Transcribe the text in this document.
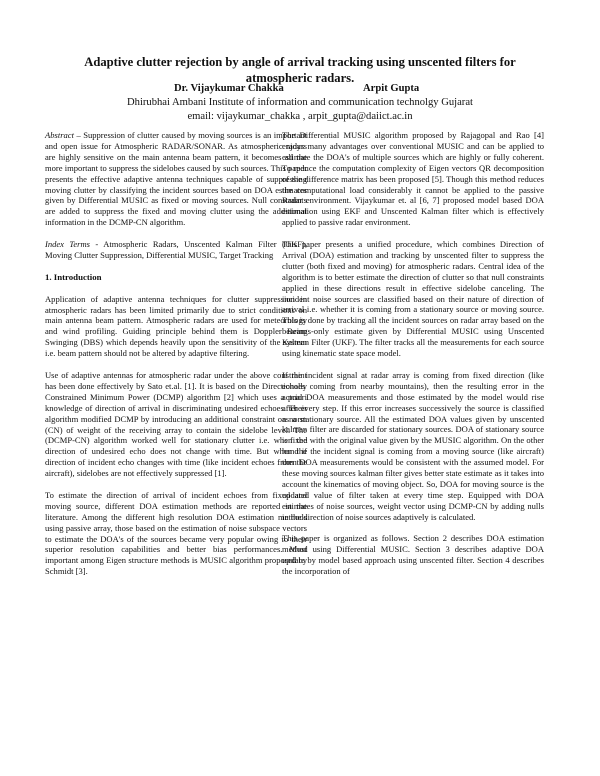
Adaptive clutter rejection by angle of arrival tracking using unscented filters for atmospheric radars.
Dr. Vijaykumar Chakka	Arpit Gupta
Dhirubhai Ambani Institute of information and communication technolgy Gujarat
email: vijaykumar_chakka , arpit_gupta@daiict.ac.in

Abstract – Suppression of clutter caused by moving sources is an important and open issue for Atmospheric RADAR/SONAR. As atmospheric radars are highly sensitive on the main antenna beam pattern, it becomes all the more important to suppress the sidelobes caused by such sources. This paper presents the effective adaptive antenna techniques capable of suppressing moving clutter by classifying the incident sources based on DOA estimates given by Differential MUSIC as fixed or moving sources. Null constraints are added to suppress the fixed and moving clutter using the additional information in the DCMP-CN algorithm.

Index Terms - Atmospheric Radars, Unscented Kalman Filter (UKF), Moving Clutter Suppression, Differential MUSIC, Target Tracking

1. Introduction

Application of adaptive antenna techniques for clutter suppression in atmospheric radars has been limited primarily due to strict conditions on main antenna beam pattern. Atmospheric radars are used for meteorology and wind profiling. Guiding principle behind them is Doppler Beam Swinging (DBS) which depends heavily upon the sensitivity of the system i.e. beam pattern should not be altered by adaptive filtering.

Use of adaptive antennas for atmospheric radar under the above constraint has been done effectively by Sato et.al. [1]. It is based on the Directionally Constrained Minimum Power (DCMP) algorithm [2] which uses a priori knowledge of direction of arrival in discriminating undesired echoes. Their algorithm modified DCMP by introducing an additional constraint on norm (CN) of weight of the receiving array to contain the sidelobe level. The (DCMP-CN) algorithm worked well for stationary clutter i.e. when the direction of undesired echo does not change with time. But when the direction of incident echo changes with time (like incident echoes from the aircraft), sidelobes are not effectively suppressed [1].

To estimate the direction of arrival of incident echoes from fixed and moving source, different DOA estimation methods are reported in the literature. Among the different high resolution DOA estimation methods using passive array, those based on the estimation of noise subspace vectors to estimate the DOA's of the sources became very popular owing to their superior resolution capabilities and better bias performances. Most important among Eigen structure methods is MUSIC algorithm proposed by Schmidt [3].

The Differential MUSIC algorithm proposed by Rajagopal and Rao [4] enjoys many advantages over conventional MUSIC and can be applied to estimate the DOA's of multiple sources which are highly or fully coherent. To reduce the computation complexity of Eigen vectors QR decomposition of the difference matrix has been proposed [5]. Though this method reduces the computational load considerably it cannot be applied to the passive Radar environment. Vijaykumar et. al [6, 7] proposed model based DOA estimation using EKF and Unscented Kalman filter which is effectively applied to passive radar environment.

This paper presents a unified procedure, which combines Direction of Arrival (DOA) estimation and tracking by unscented filter to suppress the clutter (both fixed and moving) for atmospheric radars. Central idea of the algorithm is to better estimate the direction of clutter so that null constraints applied in these directions result in effective sidelobe canceling. The incident noise sources are classified based on their nature of direction of arrival i.e. whether it is coming from a stationary source or moving source. This is done by tracking all the incident sources on radar array based on the bearings-only estimate given by Differential MUSIC using Unscented Kalman Filter (UKF). The filter tracks all the measurements for each source using kinematic state space model.

If the incident signal at radar array is coming from fixed direction (like echoes coming from nearby mountains), then the resulting error in the actual DOA measurements and those estimated by the model would rise after every step. If this error increases successively the source is classified as a stationary source. All the estimated DOA values given by unscented kalman filter are discarded for stationary sources. DOA of stationary source is fixed with the original value given by the MUSIC algorithm. On the other hand if the incident signal is coming from a moving source (like aircraft) then DOA measurements would be consistent with the assumed model. For these moving sources kalman filter gives better state estimate as it takes into account the kinematics of moving object. So, DOA for moving source is the updated value of filter taken at every time step. Equipped with DOA estimates of noise sources, weight vector using DCMP-CN by adding nulls in the direction of noise sources adaptively is calculated.

This paper is organized as follows. Section 2 describes DOA estimation method using Differential MUSIC. Section 3 describes adaptive DOA update by model based approach using unscented filter. Section 4 describes the incorporation of
